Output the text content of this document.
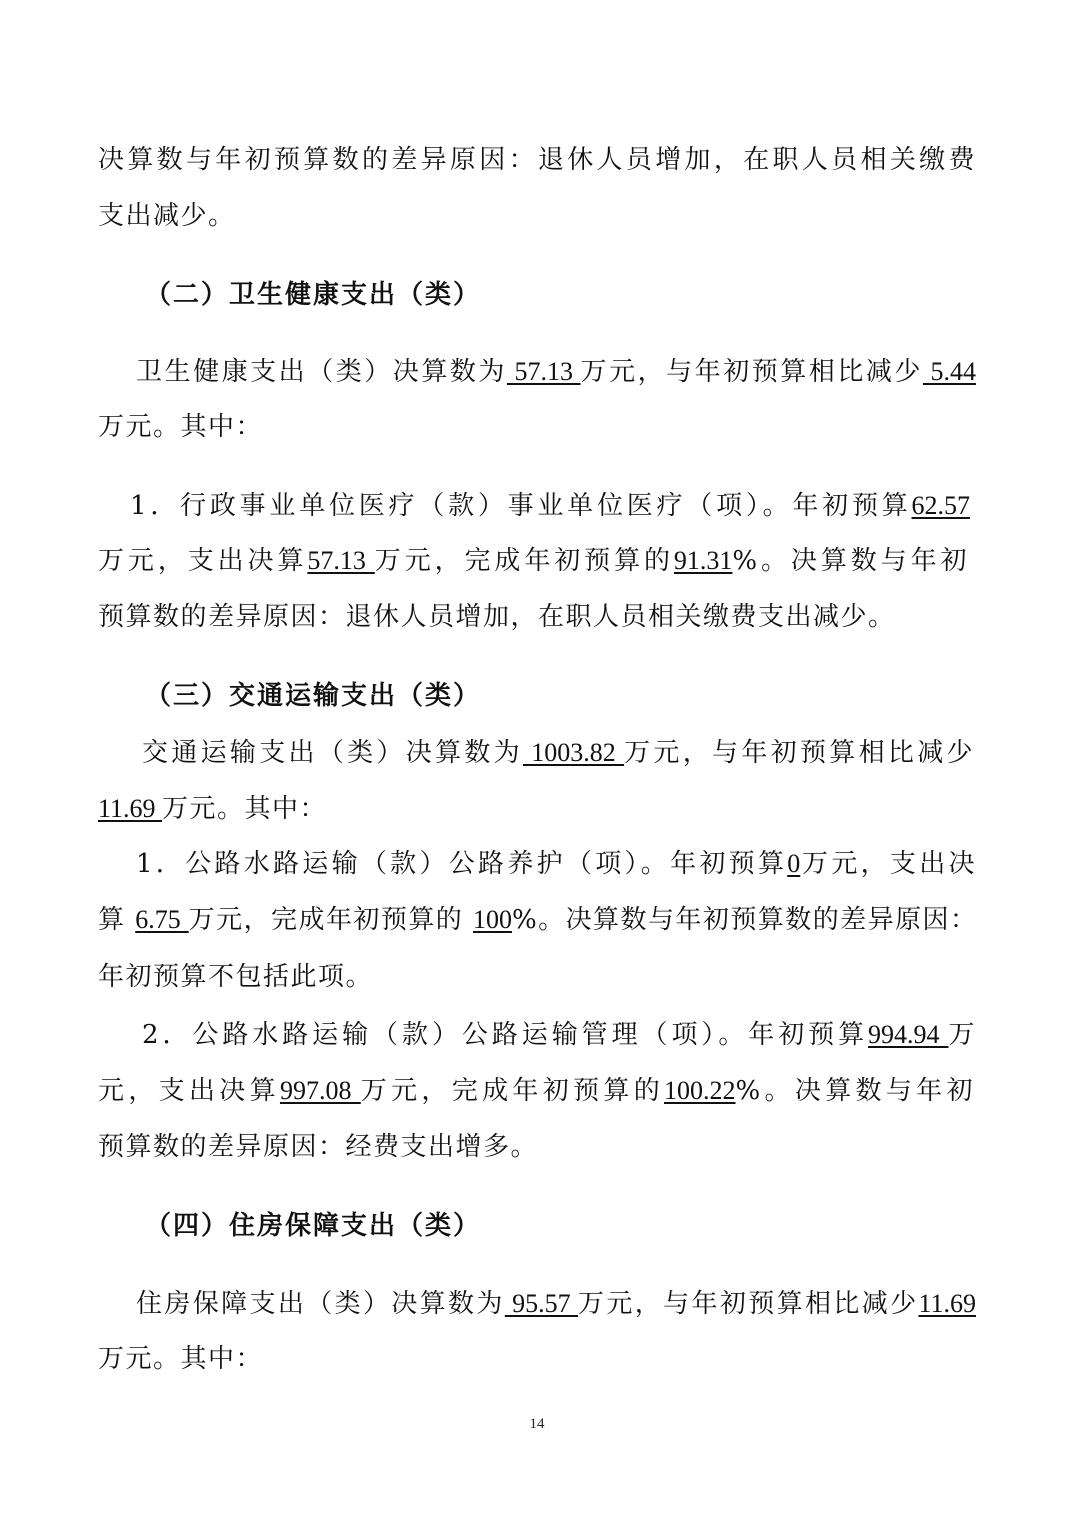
决算数与年初预算数的差异原因：退休人员增加，在职人员相关缴费
支出减少。
（二）卫生健康支出（类）
卫生健康支出（类）决算数为 57.13 万元，与年初预算相比减少 5.44
万元。其中：
1．行政事业单位医疗（款）事业单位医疗（项）。年初预算62.57
万元，支出决算57.13 万元，完成年初预算的91.31%。决算数与年初
预算数的差异原因：退休人员增加，在职人员相关缴费支出减少。
（三）交通运输支出（类）
交通运输支出（类）决算数为 1003.82 万元，与年初预算相比减少
11.69 万元。其中：
1．公路水路运输（款）公路养护（项）。年初预算0万元，支出决
算 6.75 万元，完成年初预算的 100%。决算数与年初预算数的差异原因：
年初预算不包括此项。
2．公路水路运输（款）公路运输管理（项）。年初预算994.94 万
元，支出决算997.08 万元，完成年初预算的100.22%。决算数与年初
预算数的差异原因：经费支出增多。
（四）住房保障支出（类）
住房保障支出（类）决算数为 95.57 万元，与年初预算相比减少11.69
万元。其中：
14
